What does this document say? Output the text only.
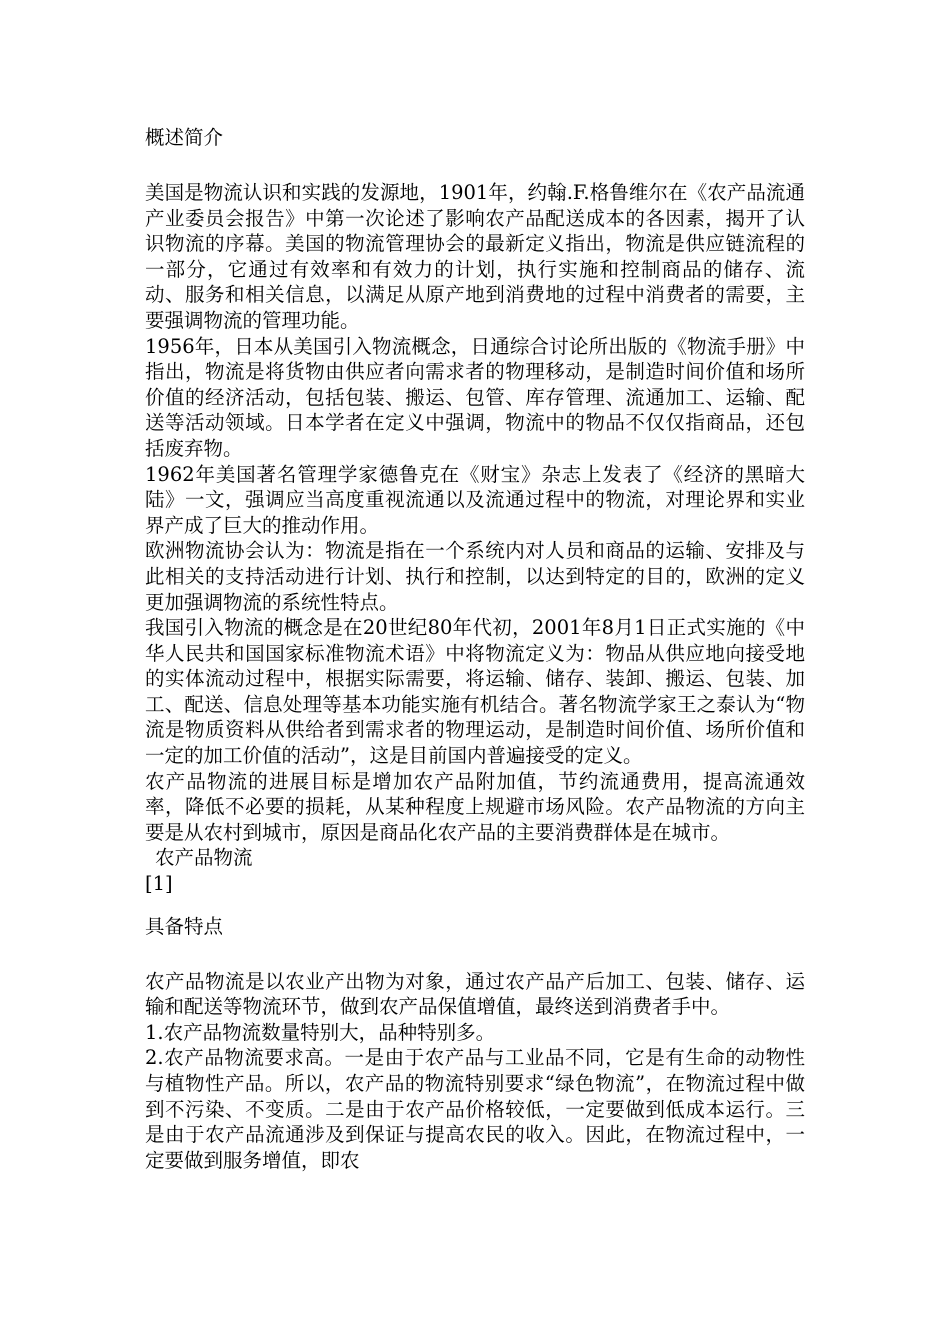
概述简介

美国是物流认识和实践的发源地，1901年，约翰.F.格鲁维尔在《农产品流通产业委员会报告》中第一次论述了影响农产品配送成本的各因素，揭开了认识物流的序幕。美国的物流管理协会的最新定义指出，物流是供应链流程的一部分，它通过有效率和有效力的计划，执行实施和控制商品的储存、流动、服务和相关信息，以满足从原产地到消费地的过程中消费者的需要，主要强调物流的管理功能。

1956年，日本从美国引入物流概念，日通综合讨论所出版的《物流手册》中指出，物流是将货物由供应者向需求者的物理移动，是制造时间价值和场所价值的经济活动，包括包装、搬运、包管、库存管理、流通加工、运输、配送等活动领域。日本学者在定义中强调，物流中的物品不仅仅指商品，还包括废弃物。

1962年美国著名管理学家德鲁克在《财宝》杂志上发表了《经济的黑暗大陆》一文，强调应当高度重视流通以及流通过程中的物流，对理论界和实业界产成了巨大的推动作用。

欧洲物流协会认为：物流是指在一个系统内对人员和商品的运输、安排及与此相关的支持活动进行计划、执行和控制，以达到特定的目的，欧洲的定义更加强调物流的系统性特点。

我国引入物流的概念是在20世纪80年代初，2001年8月1日正式实施的《中华人民共和国国家标准物流术语》中将物流定义为：物品从供应地向接受地的实体流动过程中，根据实际需要，将运输、储存、装卸、搬运、包装、加工、配送、信息处理等基本功能实施有机结合。著名物流学家王之泰认为“物流是物质资料从供给者到需求者的物理运动，是制造时间价值、场所价值和一定的加工价值的活动”，这是目前国内普遍接受的定义。

农产品物流的进展目标是增加农产品附加值，节约流通费用，提高流通效率，降低不必要的损耗，从某种程度上规避市场风险。农产品物流的方向主要是从农村到城市，原因是商品化农产品的主要消费群体是在城市。

农产品物流

[1]

具备特点

农产品物流是以农业产出物为对象，通过农产品产后加工、包装、储存、运输和配送等物流环节，做到农产品保值增值，最终送到消费者手中。

1.农产品物流数量特别大，品种特别多。

2.农产品物流要求高。一是由于农产品与工业品不同，它是有生命的动物性与植物性产品。所以，农产品的物流特别要求“绿色物流”，在物流过程中做到不污染、不变质。二是由于农产品价格较低，一定要做到低成本运行。三是由于农产品流通涉及到保证与提高农民的收入。因此，在物流过程中，一定要做到服务增值，即农
